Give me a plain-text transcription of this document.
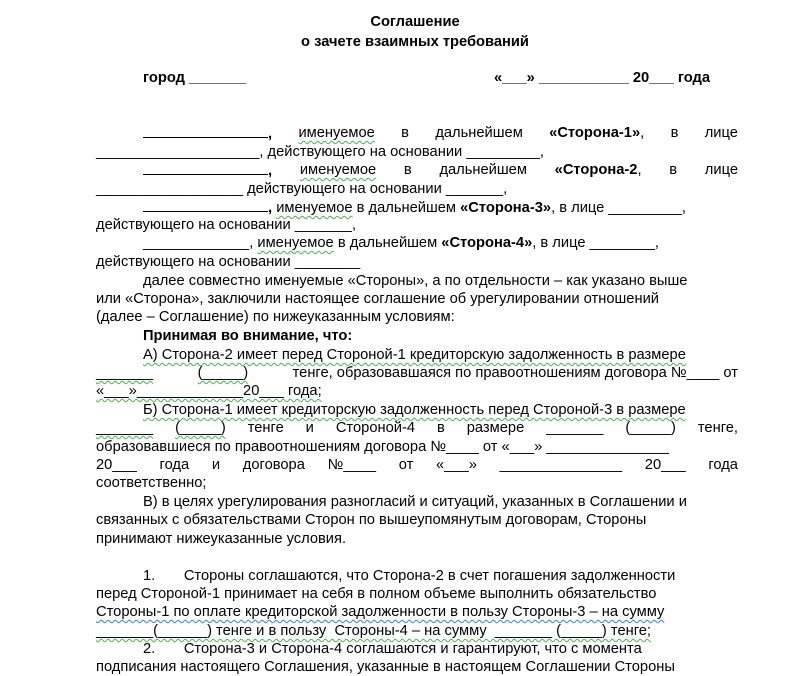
Соглашение
о зачете взаимных требований
город _______	«___» ___________ 20___ года
, именуемое в дальнейшем «Сторона-1», в лице
____________________, действующего на основании _________,
, именуемое в дальнейшем «Сторона-2, в лице
__________________ действующего на основании _______,
, именуемое в дальнейшем «Сторона-3», в лице _________,
действующего на основании _______,
_____________, именуемое в дальнейшем «Сторона-4», в лице ________,
действующего на основании ________
далее совместно именуемые «Стороны», а по отдельности – как указано выше
или «Сторона», заключили настоящее соглашение об урегулировании отношений
(далее – Соглашение) по нижеуказанным условиям:
Принимая во внимание, что:
А) Сторона-2 имеет перед Стороной-1 кредиторскую задолженность в размере
_______	(_____)	тенге, образовавшаяся по правоотношениям договора №____ от
«___»_____________20___ года;
Б) Сторона-1 имеет кредиторскую задолженность перед Стороной-3 в размере
_______ (_____) тенге и Стороной-4 в размере _______ (_____) тенге,
образовавшиеся по правоотношениям договора №____ от «___» _______________
20___ года и договора №____ от «___» _______________ 20___ года
соответственно;
В) в целях урегулирования разногласий и ситуаций, указанных в Соглашении и
связанных с обязательствами Сторон по вышеупомянутым договорам, Стороны
принимают нижеуказанные условия.
1.       Стороны соглашаются, что Сторона-2 в счет погашения задолженности
перед Стороной-1 принимает на себя в полном объеме выполнить обязательство
Стороны-1 по оплате кредиторской задолженности в пользу Стороны-3 – на сумму
_______(______) тенге и в пользу  Стороны-4 – на сумму  _______ (_____) тенге;
2.       Сторона-3 и Сторона-4 соглашаются и гарантируют, что с момента
подписания настоящего Соглашения, указанные в настоящем Соглашении Стороны
